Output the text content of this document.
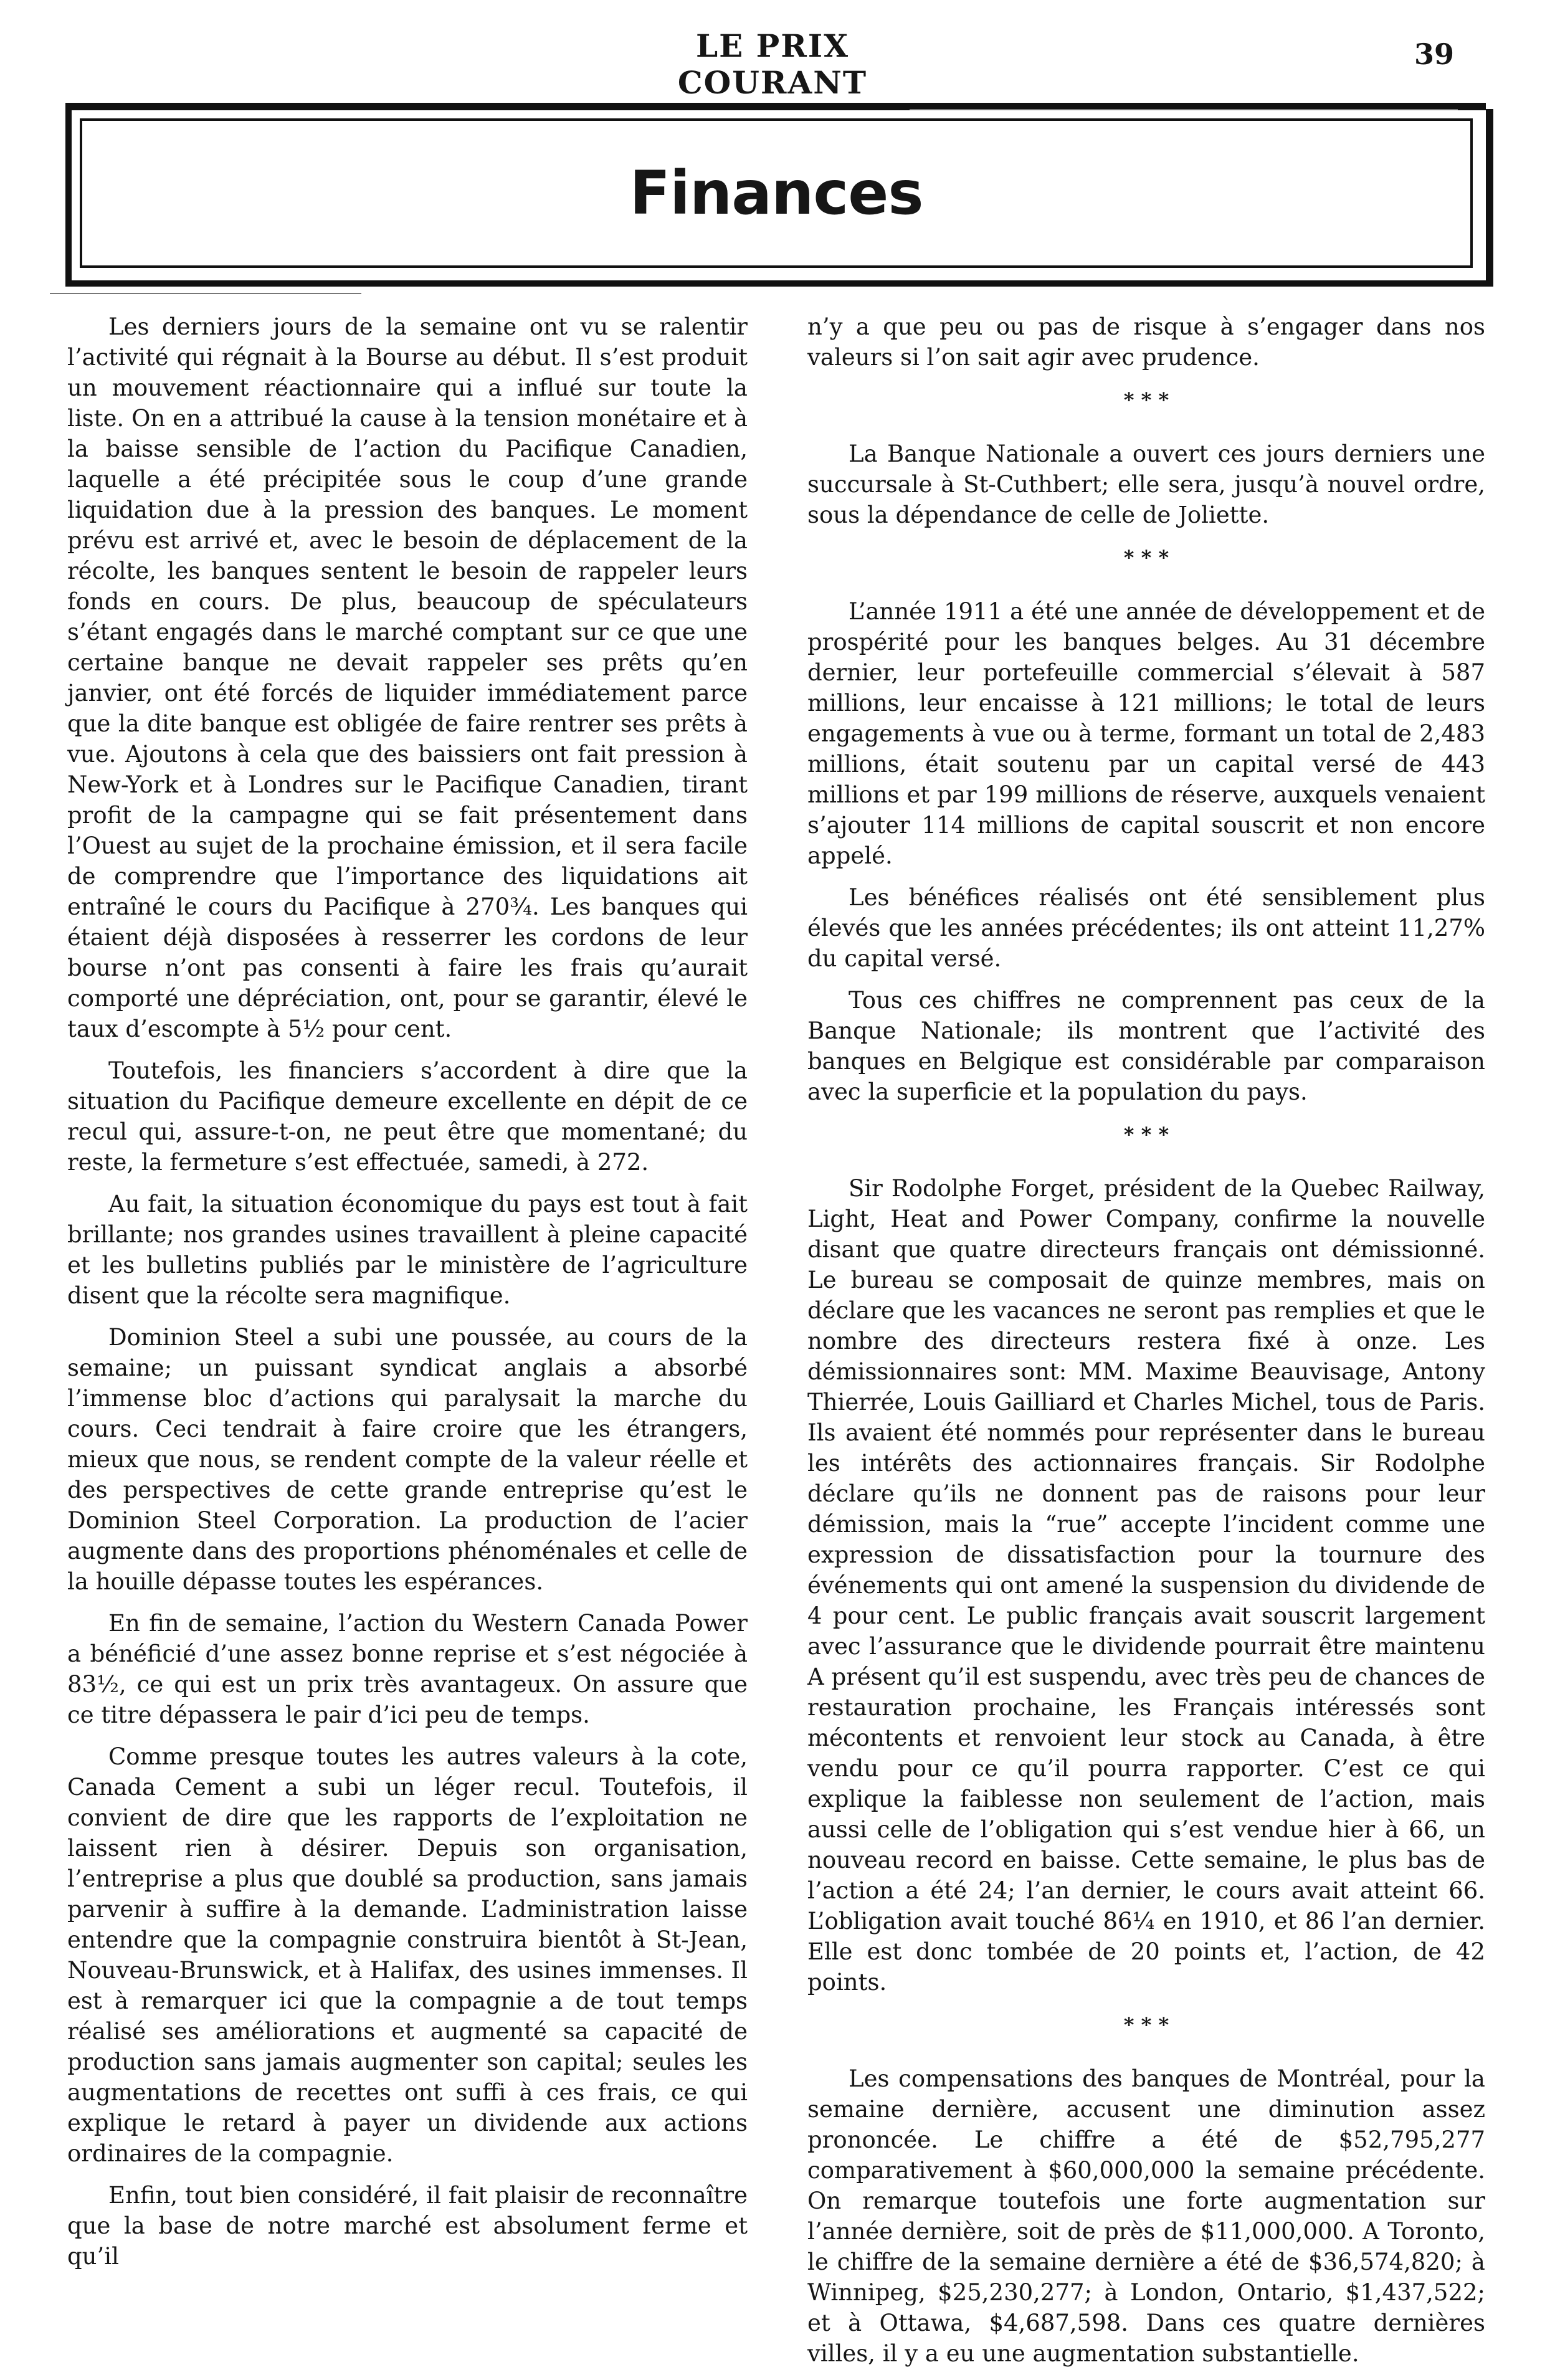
LE PRIX COURANT
39
Finances

Les derniers jours de la semaine ont vu se ralentir l’activité qui régnait à la Bourse au début. Il s’est produit un mouvement réactionnaire qui a influé sur toute la liste. On en a attribué la cause à la tension monétaire et à la baisse sensible de l’action du Pacifique Canadien, laquelle a été précipitée sous le coup d’une grande liquidation due à la pression des banques. Le moment prévu est arrivé et, avec le besoin de déplacement de la récolte, les banques sentent le besoin de rappeler leurs fonds en cours. De plus, beaucoup de spéculateurs s’étant engagés dans le marché comptant sur ce que une certaine banque ne devait rappeler ses prêts qu’en janvier, ont été forcés de liquider immédiatement parce que la dite banque est obligée de faire rentrer ses prêts à vue. Ajoutons à cela que des baissiers ont fait pression à New-York et à Londres sur le Pacifique Canadien, tirant profit de la campagne qui se fait présentement dans l’Ouest au sujet de la prochaine émission, et il sera facile de comprendre que l’importance des liquidations ait entraîné le cours du Pacifique à 270¾. Les banques qui étaient déjà disposées à resserrer les cordons de leur bourse n’ont pas consenti à faire les frais qu’aurait comporté une dépréciation, ont, pour se garantir, élevé le taux d’escompte à 5½ pour cent.

Toutefois, les financiers s’accordent à dire que la situation du Pacifique demeure excellente en dépit de ce recul qui, assure-t-on, ne peut être que momentané; du reste, la fermeture s’est effectuée, samedi, à 272.

Au fait, la situation économique du pays est tout à fait brillante; nos grandes usines travaillent à pleine capacité et les bulletins publiés par le ministère de l’agriculture disent que la récolte sera magnifique.

Dominion Steel a subi une poussée, au cours de la semaine; un puissant syndicat anglais a absorbé l’immense bloc d’actions qui paralysait la marche du cours. Ceci tendrait à faire croire que les étrangers, mieux que nous, se rendent compte de la valeur réelle et des perspectives de cette grande entreprise qu’est le Dominion Steel Corporation. La production de l’acier augmente dans des proportions phénoménales et celle de la houille dépasse toutes les espérances.

En fin de semaine, l’action du Western Canada Power a bénéficié d’une assez bonne reprise et s’est négociée à 83½, ce qui est un prix très avantageux. On assure que ce titre dépassera le pair d’ici peu de temps.

Comme presque toutes les autres valeurs à la cote, Canada Cement a subi un léger recul. Toutefois, il convient de dire que les rapports de l’exploitation ne laissent rien à désirer. Depuis son organisation, l’entreprise a plus que doublé sa production, sans jamais parvenir à suffire à la demande. L’administration laisse entendre que la compagnie construira bientôt à St-Jean, Nouveau-Brunswick, et à Halifax, des usines immenses. Il est à remarquer ici que la compagnie a de tout temps réalisé ses améliorations et augmenté sa capacité de production sans jamais augmenter son capital; seules les augmentations de recettes ont suffi à ces frais, ce qui explique le retard à payer un dividende aux actions ordinaires de la compagnie.

Enfin, tout bien considéré, il fait plaisir de reconnaître que la base de notre marché est absolument ferme et qu’il

n’y a que peu ou pas de risque à s’engager dans nos valeurs si l’on sait agir avec prudence.

* * *

La Banque Nationale a ouvert ces jours derniers une succursale à St-Cuthbert; elle sera, jusqu’à nouvel ordre, sous la dépendance de celle de Joliette.

* * *

L’année 1911 a été une année de développement et de prospérité pour les banques belges. Au 31 décembre dernier, leur portefeuille commercial s’élevait à 587 millions, leur encaisse à 121 millions; le total de leurs engagements à vue ou à terme, formant un total de 2,483 millions, était soutenu par un capital versé de 443 millions et par 199 millions de réserve, auxquels venaient s’ajouter 114 millions de capital souscrit et non encore appelé.

Les bénéfices réalisés ont été sensiblement plus élevés que les années précédentes; ils ont atteint 11,27% du capital versé.

Tous ces chiffres ne comprennent pas ceux de la Banque Nationale; ils montrent que l’activité des banques en Belgique est considérable par comparaison avec la superficie et la population du pays.

* * *

Sir Rodolphe Forget, président de la Quebec Railway, Light, Heat and Power Company, confirme la nouvelle disant que quatre directeurs français ont démissionné. Le bureau se composait de quinze membres, mais on déclare que les vacances ne seront pas remplies et que le nombre des directeurs restera fixé à onze. Les démissionnaires sont: MM. Maxime Beauvisage, Antony Thierrée, Louis Gailliard et Charles Michel, tous de Paris. Ils avaient été nommés pour représenter dans le bureau les intérêts des actionnaires français. Sir Rodolphe déclare qu’ils ne donnent pas de raisons pour leur démission, mais la “rue” accepte l’incident comme une expression de dissatisfaction pour la tournure des événements qui ont amené la suspension du dividende de 4 pour cent. Le public français avait souscrit largement avec l’assurance que le dividende pourrait être maintenu A présent qu’il est suspendu, avec très peu de chances de restauration prochaine, les Français intéressés sont mécontents et renvoient leur stock au Canada, à être vendu pour ce qu’il pourra rapporter. C’est ce qui explique la faiblesse non seulement de l’action, mais aussi celle de l’obligation qui s’est vendue hier à 66, un nouveau record en baisse. Cette semaine, le plus bas de l’action a été 24; l’an dernier, le cours avait atteint 66. L’obligation avait touché 86¼ en 1910, et 86 l’an dernier. Elle est donc tombée de 20 points et, l’action, de 42 points.

* * *

Les compensations des banques de Montréal, pour la semaine dernière, accusent une diminution assez prononcée. Le chiffre a été de $52,795,277 comparativement à $60,000,000 la semaine précédente. On remarque toutefois une forte augmentation sur l’année dernière, soit de près de $11,000,000. A Toronto, le chiffre de la semaine dernière a été de $36,574,820; à Winnipeg, $25,230,277; à London, Ontario, $1,437,522; et à Ottawa, $4,687,598. Dans ces quatre dernières villes, il y a eu une augmentation substantielle.
